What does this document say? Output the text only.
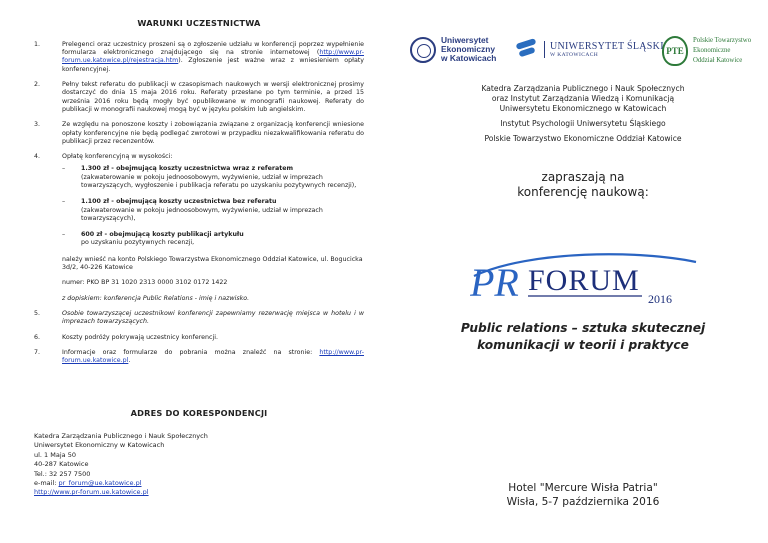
WARUNKI UCZESTNICTWA
1.	Prelegenci oraz uczestnicy proszeni są o zgłoszenie udziału w konferencji poprzez wypełnienie formularza elektronicznego znajdującego się na stronie internetowej (http://www.pr-forum.ue.katowice.pl/rejestracja.htm). Zgłoszenie jest ważne wraz z wniesieniem opłaty konferencyjnej.
2.	Pełny tekst referatu do publikacji w czasopismach naukowych w wersji elektronicznej prosimy dostarczyć do dnia 15 maja 2016 roku. Referaty przesłane po tym terminie, a przed 15 września 2016 roku będą mogły być opublikowane w monografii naukowej. Referaty do publikacji w monografii naukowej mogą być w języku polskim lub angielskim.
3.	Ze względu na ponoszone koszty i zobowiązania związane z organizacją konferencji wniesione opłaty konferencyjne nie będą podlegać zwrotowi w przypadku niezakwalifikowania referatu do publikacji przez recenzentów.
4.	Opłatę konferencyjną w wysokości:
–	1.300 zł - obejmującą koszty uczestnictwa wraz z referatem
(zakwaterowanie w pokoju jednoosobowym, wyżywienie, udział w imprezach towarzyszących, wygłoszenie i publikacja referatu po uzyskaniu pozytywnych recenzji),
–	1.100 zł - obejmującą koszty uczestnictwa bez referatu
(zakwaterowanie w pokoju jednoosobowym, wyżywienie, udział w imprezach towarzyszących),
–	600 zł - obejmującą koszty publikacji artykułu
po uzyskaniu pozytywnych recenzji,
należy wnieść na konto Polskiego Towarzystwa Ekonomicznego Oddział Katowice, ul. Bogucicka 3d/2, 40-226 Katowice
numer: PKO BP 31 1020 2313 0000 3102 0172 1422
z dopiskiem: konferencja Public Relations - imię i nazwisko.
5.	Osobie towarzyszącej uczestnikowi konferencji zapewniamy rezerwację miejsca w hotelu i w imprezach towarzyszących.
6.	Koszty podróży pokrywają uczestnicy konferencji.
7.	Informacje oraz formularze do pobrania można znaleźć na stronie: http://www.pr-forum.ue.katowice.pl.
ADRES DO KORESPONDENCJI
Katedra Zarządzania Publicznego i Nauk Społecznych
Uniwersytet Ekonomiczny w Katowicach
ul. 1 Maja 50
40-287 Katowice
Tel.: 32 257 7500
e-mail: pr_forum@ue.katowice.pl
http://www.pr-forum.ue.katowice.pl
Uniwersytet
Ekonomiczny
w Katowicach
UNIWERSYTET ŚLĄSKI
W KATOWICACH	PTE
Polskie Towarzystwo
Ekonomiczne
Oddział Katowice
Katedra Zarządzania Publicznego i Nauk Społecznych
oraz Instytut Zarządzania Wiedzą i Komunikacją
Uniwersytetu Ekonomicznego w Katowicach
Instytut Psychologii Uniwersytetu Śląskiego
Polskie Towarzystwo Ekonomiczne Oddział Katowice
zapraszają na
konferencję naukową:
PR FORUM
2016
Public relations – sztuka skutecznej
komunikacji w teorii i praktyce
Hotel "Mercure Wisła Patria"
Wisła, 5-7 października 2016
